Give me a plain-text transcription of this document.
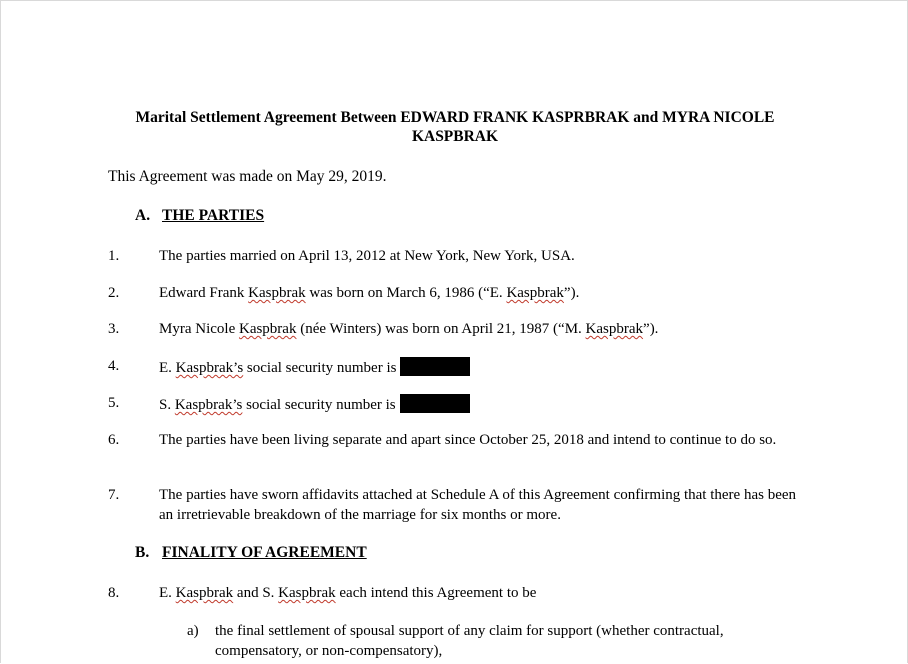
Marital Settlement Agreement Between EDWARD FRANK KASPRBRAK and MYRA NICOLE KASPBRAK
This Agreement was made on May 29, 2019.
A. THE PARTIES
1.	The parties married on April 13, 2012 at New York, New York, USA.
2.	Edward Frank Kaspbrak was born on March 6, 1986 (“E. Kaspbrak”).
3.	Myra Nicole Kaspbrak (née Winters) was born on April 21, 1987 (“M. Kaspbrak”).
4.	E. Kaspbrak’s social security number is
5.	S. Kaspbrak’s social security number is
6.	The parties have been living separate and apart since October 25, 2018 and intend to continue to do so.
7.	The parties have sworn affidavits attached at Schedule A of this Agreement confirming that there has been an irretrievable breakdown of the marriage for six months or more.
B. FINALITY OF AGREEMENT
8.	E. Kaspbrak and S. Kaspbrak each intend this Agreement to be
a) the final settlement of spousal support of any claim for support (whether contractual, compensatory, or non-compensatory),
